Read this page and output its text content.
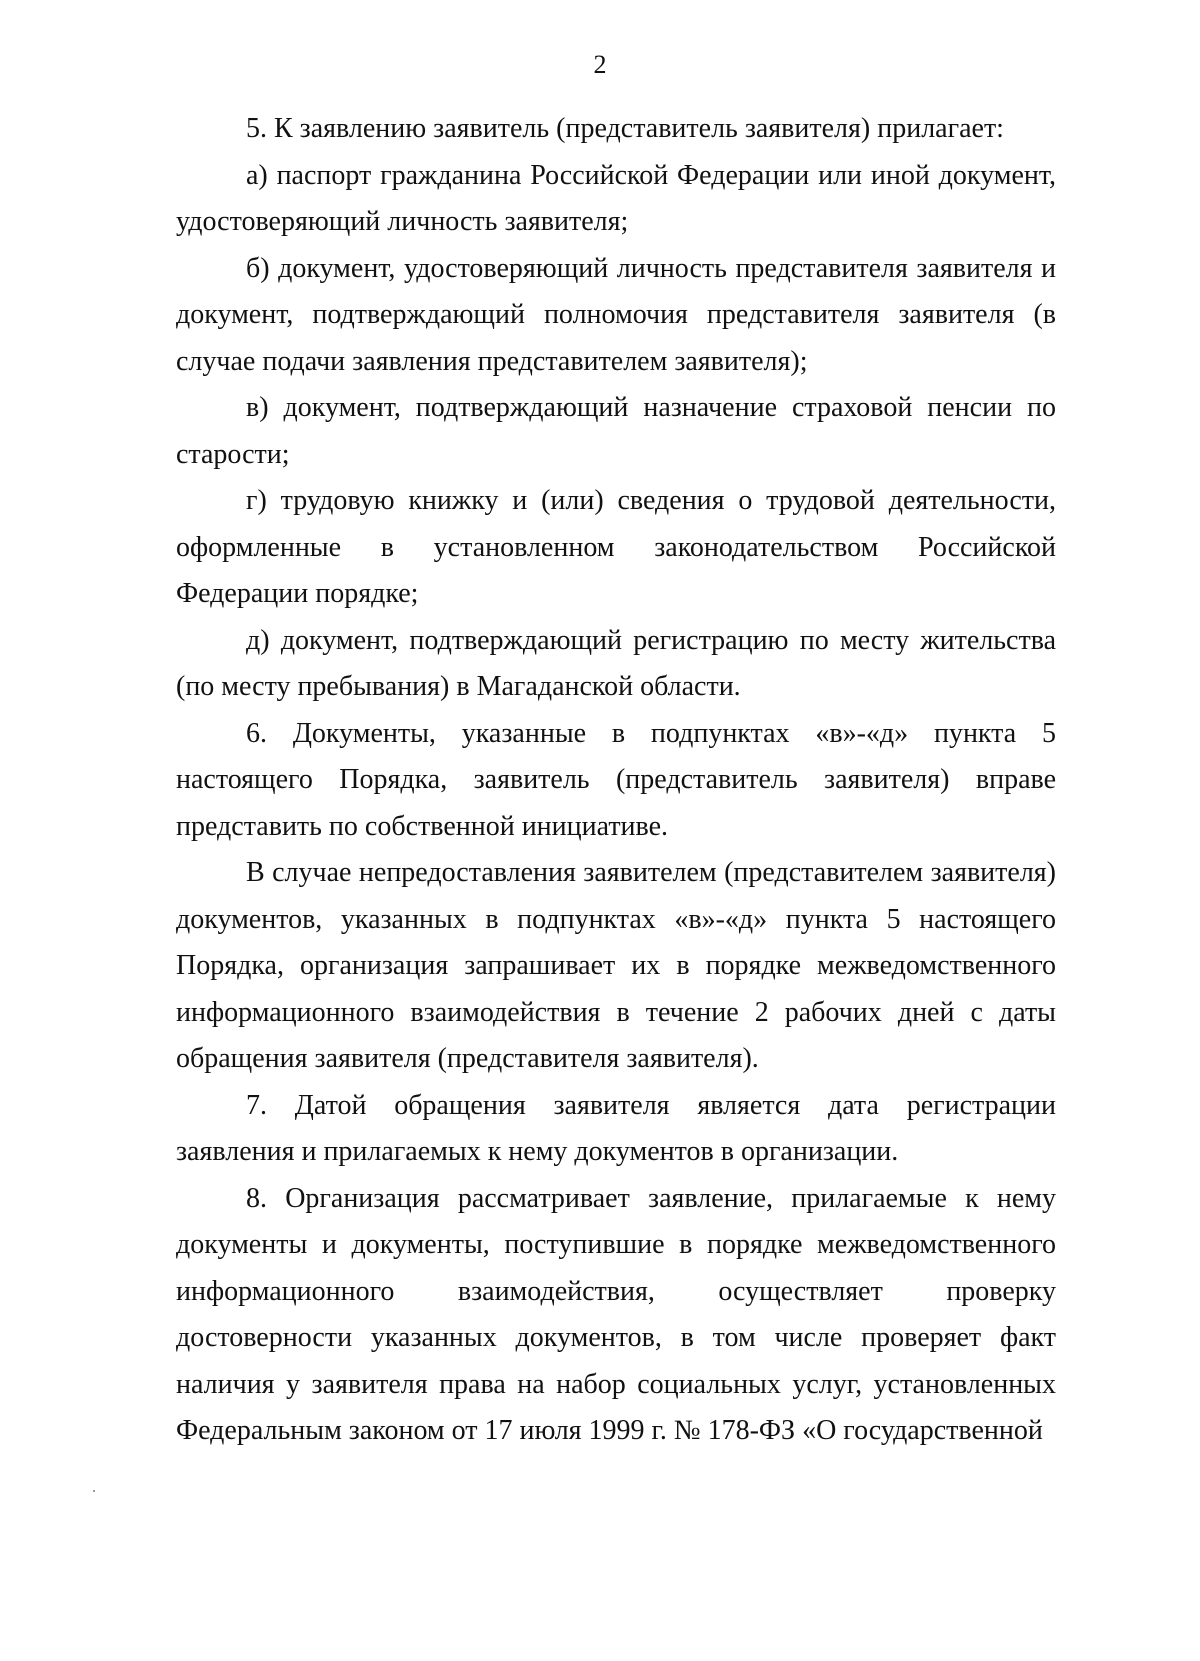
2

5. К заявлению заявитель (представитель заявителя) прилагает:

а) паспорт гражданина Российской Федерации или иной документ, удостоверяющий личность заявителя;

б) документ, удостоверяющий личность представителя заявителя и документ, подтверждающий полномочия представителя заявителя (в случае подачи заявления представителем заявителя);

в) документ, подтверждающий назначение страховой пенсии по старости;

г) трудовую книжку и (или) сведения о трудовой деятельности, оформленные в установленном законодательством Российской Федерации порядке;

д) документ, подтверждающий регистрацию по месту жительства (по месту пребывания) в Магаданской области.

6. Документы, указанные в подпунктах «в»-«д» пункта 5 настоящего Порядка, заявитель (представитель заявителя) вправе представить по собственной инициативе.

В случае непредоставления заявителем (представителем заявителя) документов, указанных в подпунктах «в»-«д» пункта 5 настоящего Порядка, организация запрашивает их в порядке межведомственного информационного взаимодействия в течение 2 рабочих дней с даты обращения заявителя (представителя заявителя).

7. Датой обращения заявителя является дата регистрации заявления и прилагаемых к нему документов в организации.

8. Организация рассматривает заявление, прилагаемые к нему документы и документы, поступившие в порядке межведомственного информационного взаимодействия, осуществляет проверку достоверности указанных документов, в том числе проверяет факт наличия у заявителя права на набор социальных услуг, установленных Федеральным законом от 17 июля 1999 г. № 178-ФЗ «О государственной
